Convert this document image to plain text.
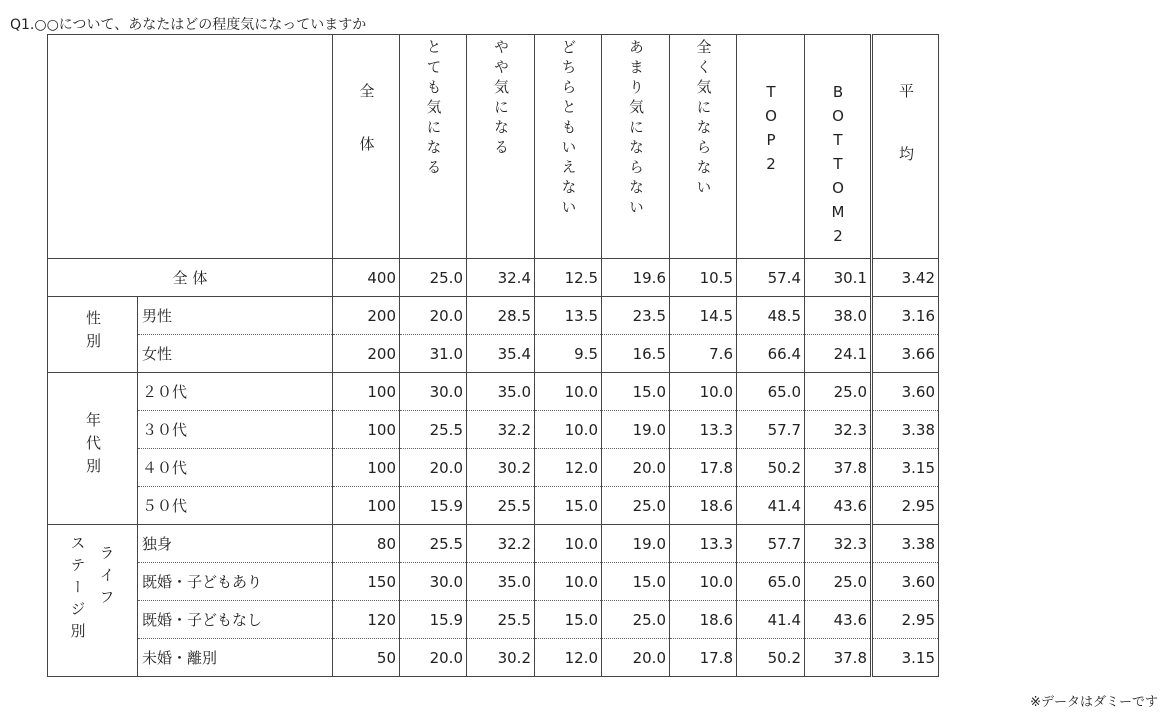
Q1.○○について、あなたはどの程度気になっていますか
		全体	とても気になる	やや気になる	どちらともいえない	あまり気にならない	全く気にならない	TOP2	BOTTOM2	平均
全 体		400	25.0	32.4	12.5	19.6	10.5	57.4	30.1	3.42
性別	男性	200	20.0	28.5	13.5	23.5	14.5	48.5	38.0	3.16
	女性	200	31.0	35.4	9.5	16.5	7.6	66.4	24.1	3.66
年代別	２０代	100	30.0	35.0	10.0	15.0	10.0	65.0	25.0	3.60
	３０代	100	25.5	32.2	10.0	19.0	13.3	57.7	32.3	3.38
	４０代	100	20.0	30.2	12.0	20.0	17.8	50.2	37.8	3.15
	５０代	100	15.9	25.5	15.0	25.0	18.6	41.4	43.6	2.95

ライフ
ステージ別	独身	80	25.5	32.2	10.0	19.0	13.3	57.7	32.3	3.38
	既婚・子どもあり	150	30.0	35.0	10.0	15.0	10.0	65.0	25.0	3.60
	既婚・子どもなし	120	15.9	25.5	15.0	25.0	18.6	41.4	43.6	2.95
	未婚・離別	50	20.0	30.2	12.0	20.0	17.8	50.2	37.8	3.15
※データはダミーです
